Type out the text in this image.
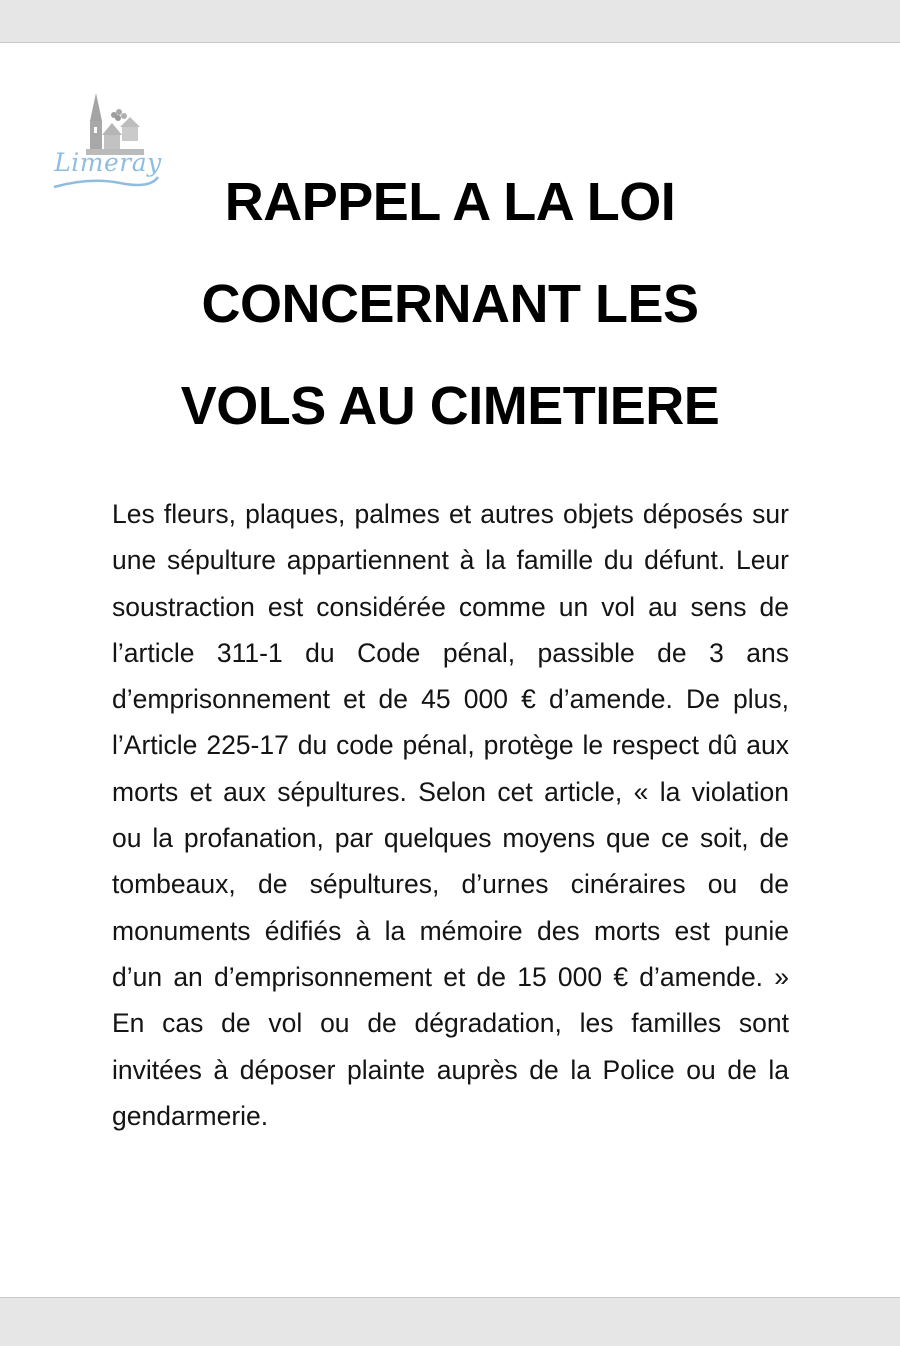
Limeray
RAPPEL A LA LOI
CONCERNANT LES
VOLS AU CIMETIERE

Les fleurs, plaques, palmes et autres objets déposés sur une sépulture appartiennent à la famille du défunt. Leur soustraction est considérée comme un vol au sens de l’article 311-1 du Code pénal, passible de 3 ans d’emprisonnement et de 45 000 € d’amende. De plus, l’Article 225-17 du code pénal, protège le respect dû aux morts et aux sépultures. Selon cet article, « la violation ou la profanation, par quelques moyens que ce soit, de tombeaux, de sépultures, d’urnes cinéraires ou de monuments édifiés à la mémoire des morts est punie d’un an d’emprisonnement et de 15 000 € d’amende. » En cas de vol ou de dégradation, les familles sont invitées à déposer plainte auprès de la Police ou de la gendarmerie.
